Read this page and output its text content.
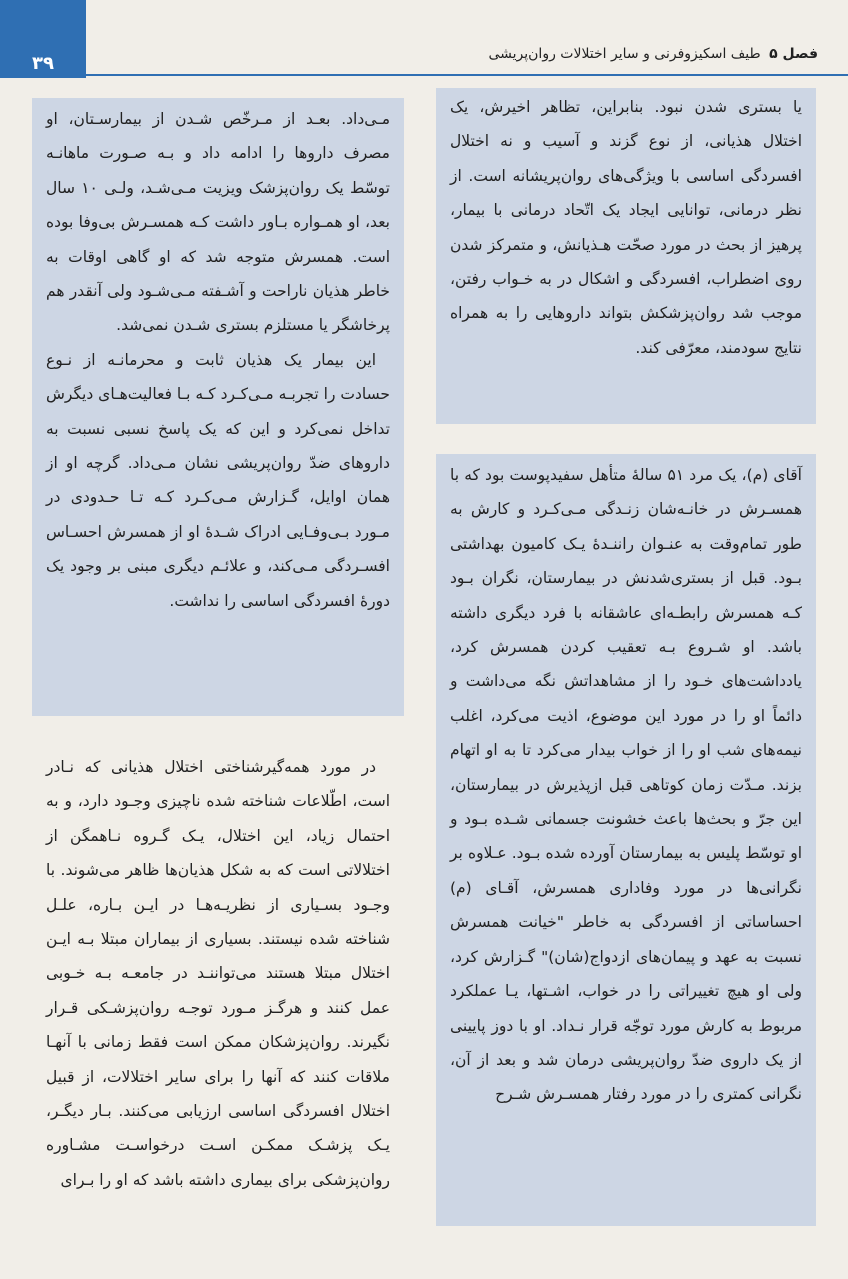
۳۹	فصل ۵ طیف اسکیزوفرنی و سایر اختلالات روان‌پریشی

یا بستری شدن نبود. بنابراین، تظاهر اخیرش، یک اختلال هذیانی، از نوع گزند و آسیب و نه اختلال افسردگی اساسی با ویژگی‌های روان‌پریشانه است. از نظر درمانی، توانایی ایجاد یک اتّحاد درمانی با بیمار، پرهیز از بحث در مورد صحّت هـذیانش، و متمرکز شدن روی اضطراب، افسردگی و اشکال در به خـواب رفتن، موجب شد روان‌پزشکش بتواند داروهایی را به همراه نتایج سودمند، معرّفی کند.

آقای (م)، یک مرد ۵۱ سالهٔ متأهل سفیدپوست بود که با همسـرش در خانـه‌شان زنـدگی مـی‌کـرد و کارش به طور تمام‌وقت به عنـوان راننـدهٔ یـک کامیون بهداشتی بـود. قبل از بستری‌شدنش در بیمارستان، نگران بـود کـه همسرش رابطـه‌ای عاشقانه با فرد دیگری داشته باشد. او شـروع بـه تعقیب کردن همسرش کرد، یادداشت‌های خـود را از مشاهداتش نگه می‌داشت و دائماً او را در مورد این موضوع، اذیت می‌کرد، اغلب نیمه‌های شب او را از خواب بیدار می‌کرد تا به او اتهام بزند. مـدّت زمان کوتاهی قبل ازپذیرش در بیمارستان، این جرّ و بحث‌ها باعث خشونت جسمانی شـده بـود و او توسّط پلیس به بیمارستان آورده شده بـود. عـلاوه بر نگرانی‌ها در مورد وفاداری همسرش، آقـای (م) احساساتی از افسردگی به خاطر "خیانت همسرش نسبت به عهد و پیمان‌های ازدواج(شان)" گـزارش کرد، ولی او هیچ تغییراتی را در خواب، اشـتها، یـا عملکرد مربوط به کارش مورد توجّه قرار نـداد. او با دوز پایینی از یک داروی ضدّ روان‌پریشی درمان شد و بعد از آن، نگرانی کمتری را در مورد رفتار همسـرش شـرح

مـی‌داد. بعـد از مـرخّص شـدن از بیمارسـتان، او مصرف داروها را ادامه داد و بـه صـورت ماهانـه توسّط یک روان‌پزشک ویزیت مـی‌شـد، ولـی ۱۰ سال بعد، او همـواره بـاور داشت کـه همسـرش بی‌وفا بوده است. همسرش متوجه شد که او گاهی اوقات به خاطر هذیان ناراحت و آشـفته مـی‌شـود ولی آنقدر هم پرخاشگر یا مستلزم بستری شـدن نمی‌شد.

این بیمار یک هذیان ثابت و محرمانـه از نـوع حسادت را تجربـه مـی‌کـرد کـه بـا فعالیت‌هـای دیگرش تداخل نمی‌کرد و این که یک پاسخ نسبی نسبت به داروهای ضدّ روان‌پریشی نشان مـی‌داد. گرچه او از همان اوایل، گـزارش مـی‌کـرد کـه تـا حـدودی در مـورد بـی‌وفـایی ادراک شـدهٔ او از همسرش احسـاس افسـردگی مـی‌کند، و علائـم دیگری مبنی بر وجود یک دورهٔ افسردگی اساسی را نداشت.

در مورد همه‌گیرشناختی اختلال هذیانی که نـادر است، اطّلاعات شناخته شده ناچیزی وجـود دارد، و به احتمال زیاد، این اختلال، یـک گـروه نـاهمگن از اختلالاتی است که به شکل هذیان‌ها ظاهر می‌شوند. با وجـود بسـیاری از نظریـه‌هـا در ایـن بـاره، علـل شناخته شده نیستند. بسیاری از بیماران مبتلا بـه ایـن اختلال مبتلا هستند می‌تواننـد در جامعـه بـه خـوبی عمل کنند و هرگـز مـورد توجـه روان‌پزشـکی قـرار نگیرند. روان‌پزشکان ممکن است فقط زمانی با آنهـا ملاقات کنند که آنها را برای سایر اختلالات، از قبیل اختلال افسردگی اساسی ارزیابی می‌کنند. بـار دیگـر، یـک پزشـک ممکـن اسـت درخواسـت مشـاوره روان‌پزشکی برای بیماری داشته باشد که او را بـرای
